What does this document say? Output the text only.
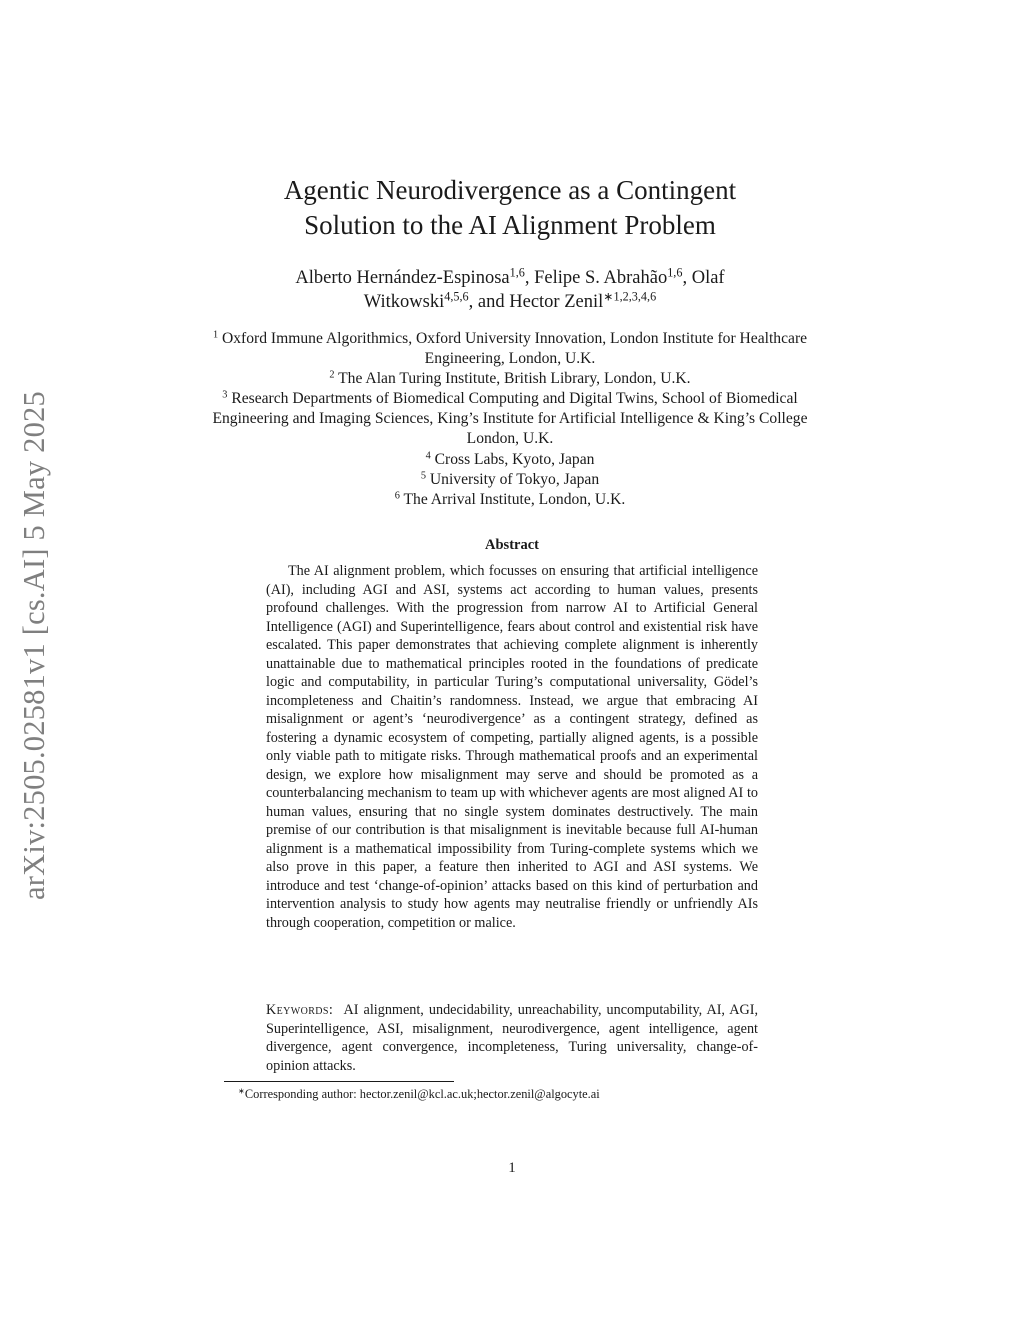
arXiv:2505.02581v1 [cs.AI] 5 May 2025
Agentic Neurodivergence as a Contingent
Solution to the AI Alignment Problem
Alberto Hernández-Espinosa$^{1,6}$, Felipe S. Abrahão$^{1,6}$, Olaf Witkowski$^{4,5,6}$, and Hector Zenil$^{∗1,2,3,4,6}$
$^1$ Oxford Immune Algorithmics, Oxford University Innovation, London Institute for Healthcare Engineering, London, U.K.
$^2$ The Alan Turing Institute, British Library, London, U.K.
$^3$ Research Departments of Biomedical Computing and Digital Twins, School of Biomedical Engineering and Imaging Sciences, King’s Institute for Artificial Intelligence & King’s College London, U.K.
$^4$ Cross Labs, Kyoto, Japan
$^5$ University of Tokyo, Japan
$^6$ The Arrival Institute, London, U.K.
Abstract

The AI alignment problem, which focusses on ensuring that artificial intelligence (AI), including AGI and ASI, systems act according to human values, presents profound challenges. With the progression from narrow AI to Artificial General Intelligence (AGI) and Superintelligence, fears about control and existential risk have escalated. This paper demonstrates that achieving complete alignment is inherently unattainable due to mathematical principles rooted in the foundations of predicate logic and computability, in particular Turing’s computational universality, Gödel’s incompleteness and Chaitin’s randomness. Instead, we argue that embracing AI misalignment or agent’s ‘neurodivergence’ as a contingent strategy, defined as fostering a dynamic ecosystem of competing, partially aligned agents, is a possible only viable path to mitigate risks. Through mathematical proofs and an experimental design, we explore how misalignment may serve and should be promoted as a counterbalancing mechanism to team up with whichever agents are most aligned AI to human values, ensuring that no single system dominates destructively. The main premise of our contribution is that misalignment is inevitable because full AI-human alignment is a mathematical impossibility from Turing-complete systems which we also prove in this paper, a feature then inherited to AGI and ASI systems. We introduce and test ‘change-of-opinion’ attacks based on this kind of perturbation and intervention analysis to study how agents may neutralise friendly or unfriendly AIs through cooperation, competition or malice.

Keywords: AI alignment, undecidability, unreachability, uncomputability, AI, AGI, Superintelligence, ASI, misalignment, neurodivergence, agent intelligence, agent divergence, agent convergence, incompleteness, Turing universality, change-of-opinion attacks.

∗Corresponding author: hector.zenil@kcl.ac.uk;hector.zenil@algocyte.ai
1
